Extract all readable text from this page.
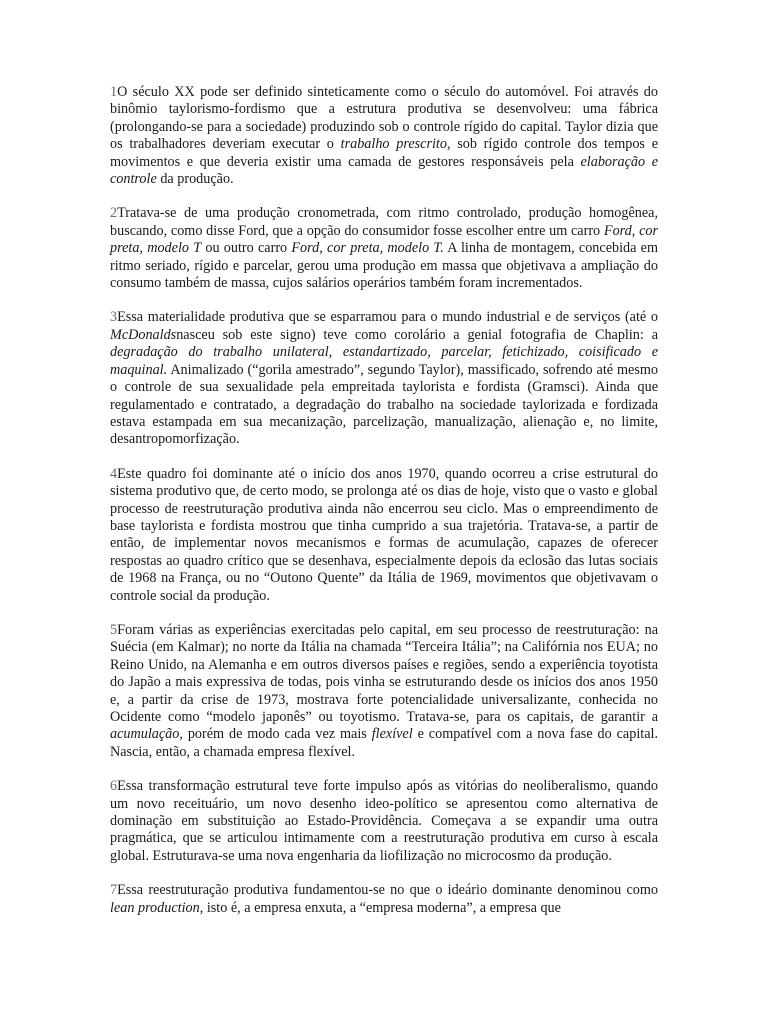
1O século XX pode ser definido sinteticamente como o século do automóvel. Foi através do binômio taylorismo-fordismo que a estrutura produtiva se desenvolveu: uma fábrica (prolongando-se para a sociedade) produzindo sob o controle rígido do capital. Taylor dizia que os trabalhadores deveriam executar o trabalho prescrito, sob rígido controle dos tempos e movimentos e que deveria existir uma camada de gestores responsáveis pela elaboração e controle da produção.

2Tratava-se de uma produção cronometrada, com ritmo controlado, produção homogênea, buscando, como disse Ford, que a opção do consumidor fosse escolher entre um carro Ford, cor preta, modelo T ou outro carro Ford, cor preta, modelo T. A linha de montagem, concebida em ritmo seriado, rígido e parcelar, gerou uma produção em massa que objetivava a ampliação do consumo também de massa, cujos salários operários também foram incrementados.

3Essa materialidade produtiva que se esparramou para o mundo industrial e de serviços (até o McDonaldsnasceu sob este signo) teve como corolário a genial fotografia de Chaplin: a degradação do trabalho unilateral, estandartizado, parcelar, fetichizado, coisificado e maquinal. Animalizado (“gorila amestrado”, segundo Taylor), massificado, sofrendo até mesmo o controle de sua sexualidade pela empreitada taylorista e fordista (Gramsci). Ainda que regulamentado e contratado, a degradação do trabalho na sociedade taylorizada e fordizada estava estampada em sua mecanização, parcelização, manualização, alienação e, no limite, desantropomorfização.

4Este quadro foi dominante até o início dos anos 1970, quando ocorreu a crise estrutural do sistema produtivo que, de certo modo, se prolonga até os dias de hoje, visto que o vasto e global processo de reestruturação produtiva ainda não encerrou seu ciclo. Mas o empreendimento de base taylorista e fordista mostrou que tinha cumprido a sua trajetória. Tratava-se, a partir de então, de implementar novos mecanismos e formas de acumulação, capazes de oferecer respostas ao quadro crítico que se desenhava, especialmente depois da eclosão das lutas sociais de 1968 na França, ou no “Outono Quente” da Itália de 1969, movimentos que objetivavam o controle social da produção.

5Foram várias as experiências exercitadas pelo capital, em seu processo de reestruturação: na Suécia (em Kalmar); no norte da Itália na chamada “Terceira Itália”; na Califórnia nos EUA; no Reino Unido, na Alemanha e em outros diversos países e regiões, sendo a experiência toyotista do Japão a mais expressiva de todas, pois vinha se estruturando desde os inícios dos anos 1950 e, a partir da crise de 1973, mostrava forte potencialidade universalizante, conhecida no Ocidente como “modelo japonês” ou toyotismo. Tratava-se, para os capitais, de garantir a acumulação, porém de modo cada vez mais flexível e compatível com a nova fase do capital. Nascia, então, a chamada empresa flexível.

6Essa transformação estrutural teve forte impulso após as vitórias do neoliberalismo, quando um novo receituário, um novo desenho ideo-político se apresentou como alternativa de dominação em substituição ao Estado-Providência. Começava a se expandir uma outra pragmática, que se articulou intimamente com a reestruturação produtiva em curso à escala global. Estruturava-se uma nova engenharia da liofilização no microcosmo da produção.

7Essa reestruturação produtiva fundamentou-se no que o ideário dominante denominou como lean production, isto é, a empresa enxuta, a “empresa moderna”, a empresa que
